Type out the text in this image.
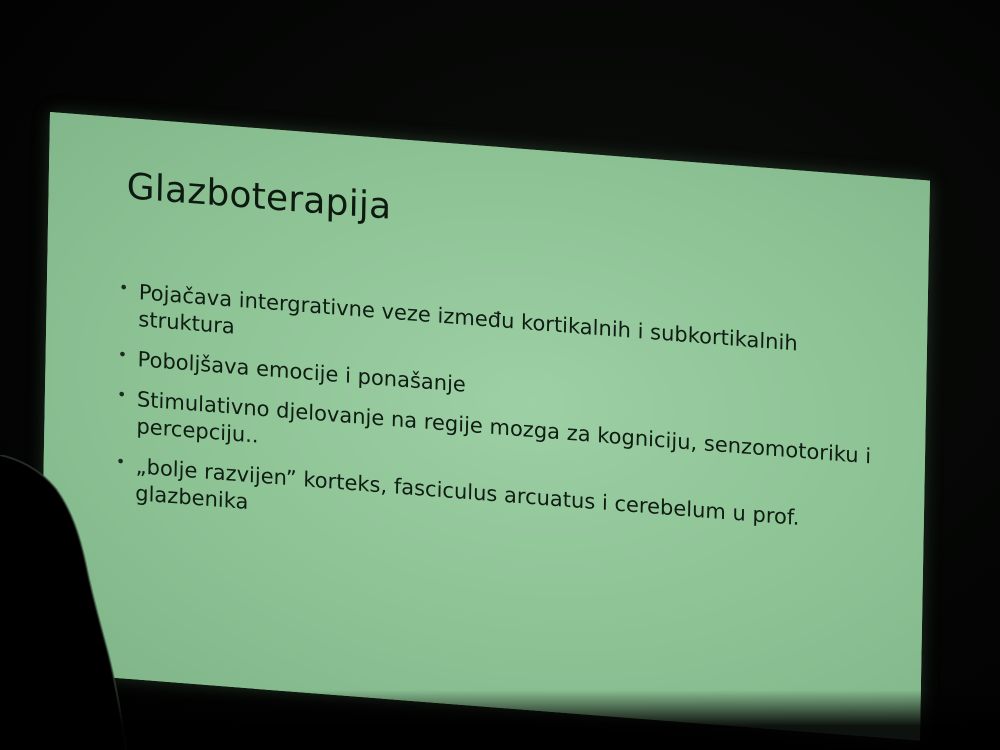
Glazboterapija
• Pojačava intergrativne veze između kortikalnih i subkortikalnih struktura
• Poboljšava emocije i ponašanje
• Stimulativno djelovanje na regije mozga za kogniciju, senzomotoriku i percepciju..
• „bolje razvijen” korteks, fasciculus arcuatus i cerebelum u prof. glazbenika
